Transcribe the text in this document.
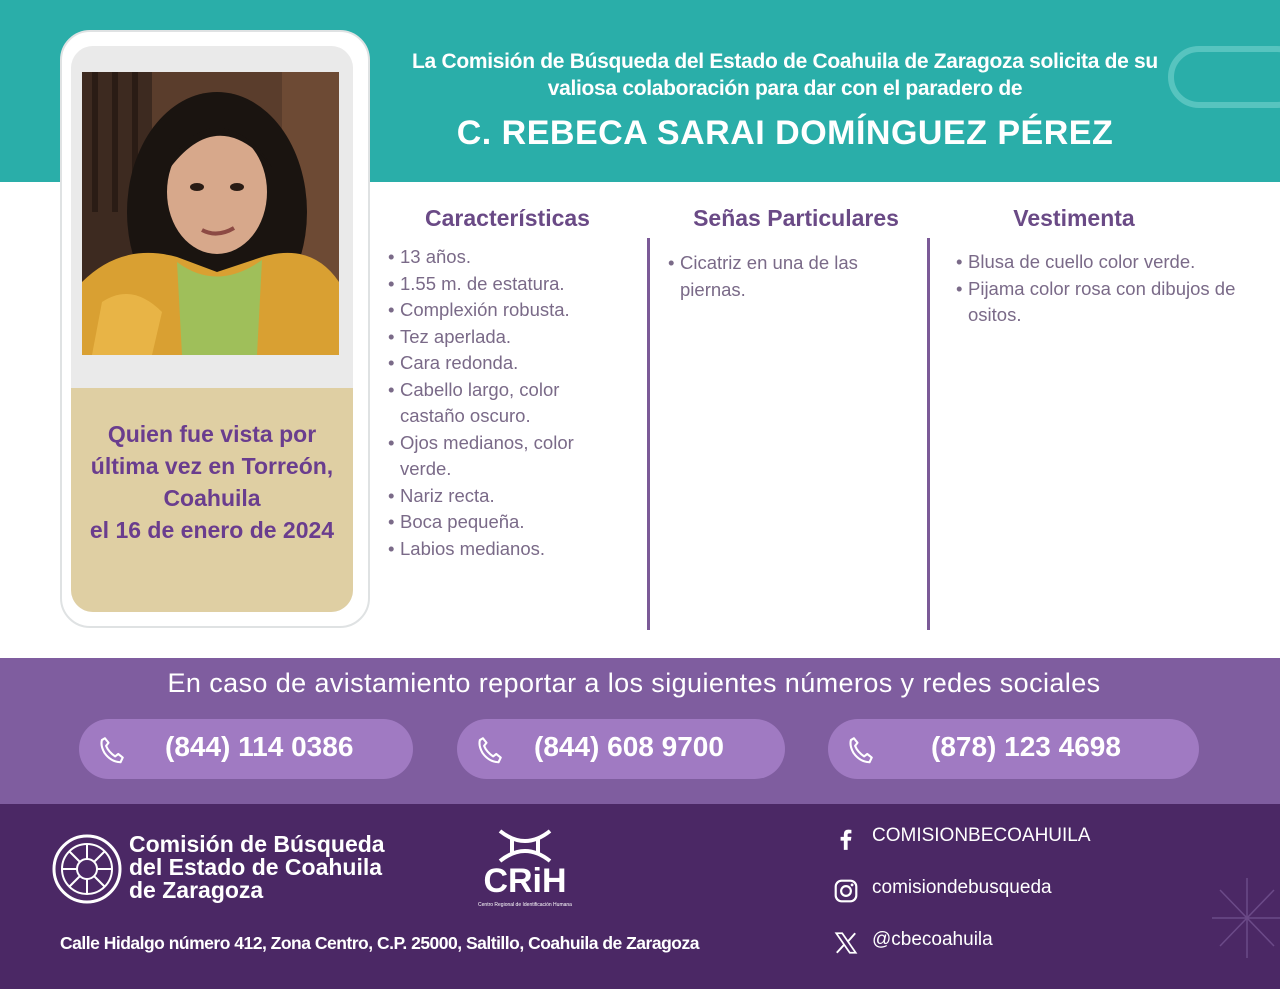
La Comisión de Búsqueda del Estado de Coahuila de Zaragoza solicita de su valiosa colaboración para dar con el paradero de
C. REBECA SARAI DOMÍNGUEZ PÉREZ
Quien fue vista por última vez en Torreón, Coahuila
el 16 de enero de 2024
Características
• 13 años.
• 1.55 m. de estatura.
• Complexión robusta.
• Tez aperlada.
• Cara redonda.
• Cabello largo, color castaño oscuro.
• Ojos medianos, color verde.
• Nariz recta.
• Boca pequeña.
• Labios medianos.
Señas Particulares
• Cicatriz en una de las piernas.
Vestimenta
• Blusa de cuello color verde.
• Pijama color rosa con dibujos de ositos.
En caso de avistamiento reportar a los siguientes números y redes sociales
(844) 114 0386	(844) 608 9700	(878) 123 4698
Comisión de Búsqueda
del Estado de Coahuila
de Zaragoza	CRiH
Centro Regional de Identificación Humana
Calle Hidalgo número 412, Zona Centro, C.P. 25000, Saltillo, Coahuila de Zaragoza
COMISIONBECOAHUILA
comisiondebusqueda
@cbecoahuila
